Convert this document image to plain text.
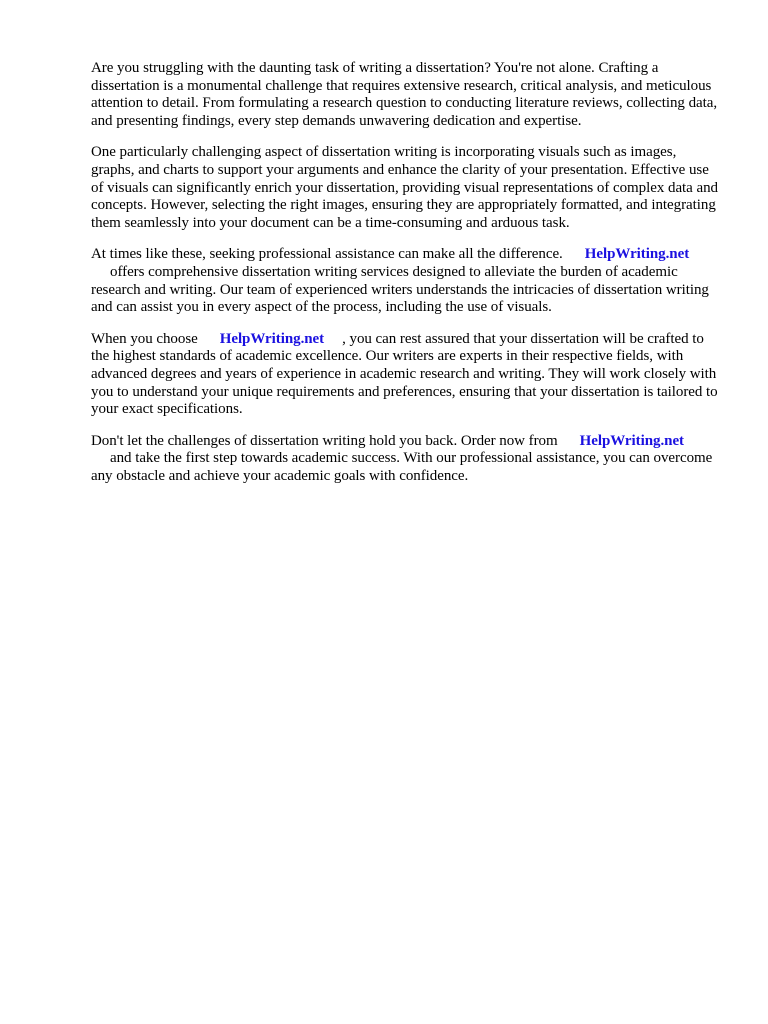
Are you struggling with the daunting task of writing a dissertation? You're not alone. Crafting a dissertation is a monumental challenge that requires extensive research, critical analysis, and meticulous attention to detail. From formulating a research question to conducting literature reviews, collecting data, and presenting findings, every step demands unwavering dedication and expertise.

One particularly challenging aspect of dissertation writing is incorporating visuals such as images, graphs, and charts to support your arguments and enhance the clarity of your presentation. Effective use of visuals can significantly enrich your dissertation, providing visual representations of complex data and concepts. However, selecting the right images, ensuring they are appropriately formatted, and integrating them seamlessly into your document can be a time-consuming and arduous task.

At times like these, seeking professional assistance can make all the difference. HelpWriting.net
offers comprehensive dissertation writing services designed to alleviate the burden of academic research and writing. Our team of experienced writers understands the intricacies of dissertation writing and can assist you in every aspect of the process, including the use of visuals.

When you choose HelpWriting.net , you can rest assured that your dissertation will be crafted to the highest standards of academic excellence. Our writers are experts in their respective fields, with advanced degrees and years of experience in academic research and writing. They will work closely with you to understand your unique requirements and preferences, ensuring that your dissertation is tailored to your exact specifications.

Don't let the challenges of dissertation writing hold you back. Order now from HelpWriting.net
and take the first step towards academic success. With our professional assistance, you can overcome any obstacle and achieve your academic goals with confidence.
